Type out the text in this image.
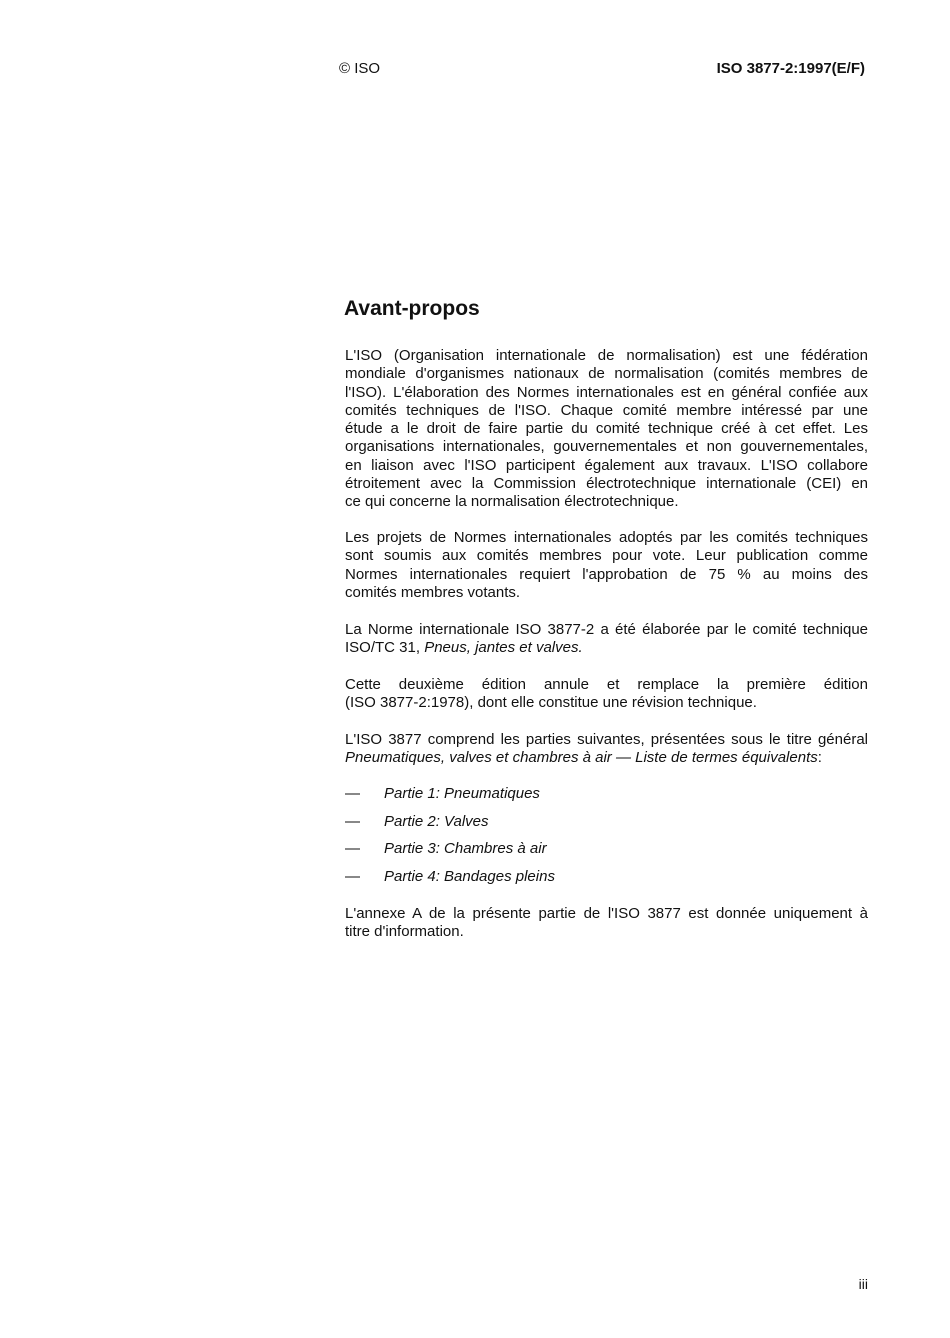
© ISO	ISO 3877-2:1997(E/F)
Avant-propos
L'ISO (Organisation internationale de normalisation) est une fédération
mondiale d'organismes nationaux de normalisation (comités membres de
l'ISO). L'élaboration des Normes internationales est en général confiée aux
comités techniques de l'ISO. Chaque comité membre intéressé par une
étude a le droit de faire partie du comité technique créé à cet effet. Les
organisations internationales, gouvernementales et non gouvernementales,
en liaison avec l'ISO participent également aux travaux. L'ISO collabore
étroitement avec la Commission électrotechnique internationale (CEI) en
ce qui concerne la normalisation électrotechnique.
Les projets de Normes internationales adoptés par les comités techniques
sont soumis aux comités membres pour vote. Leur publication comme
Normes internationales requiert l'approbation de 75 % au moins des
comités membres votants.
La Norme internationale ISO 3877-2 a été élaborée par le comité technique
ISO/TC 31, Pneus, jantes et valves.
Cette deuxième édition annule et remplace la première édition
(ISO 3877-2:1978), dont elle constitue une révision technique.
L'ISO 3877 comprend les parties suivantes, présentées sous le titre général
Pneumatiques, valves et chambres à air — Liste de termes équivalents:
— Partie 1: Pneumatiques
— Partie 2: Valves
— Partie 3: Chambres à air
— Partie 4: Bandages pleins
L'annexe A de la présente partie de l'ISO 3877 est donnée uniquement à
titre d'information.
iii
